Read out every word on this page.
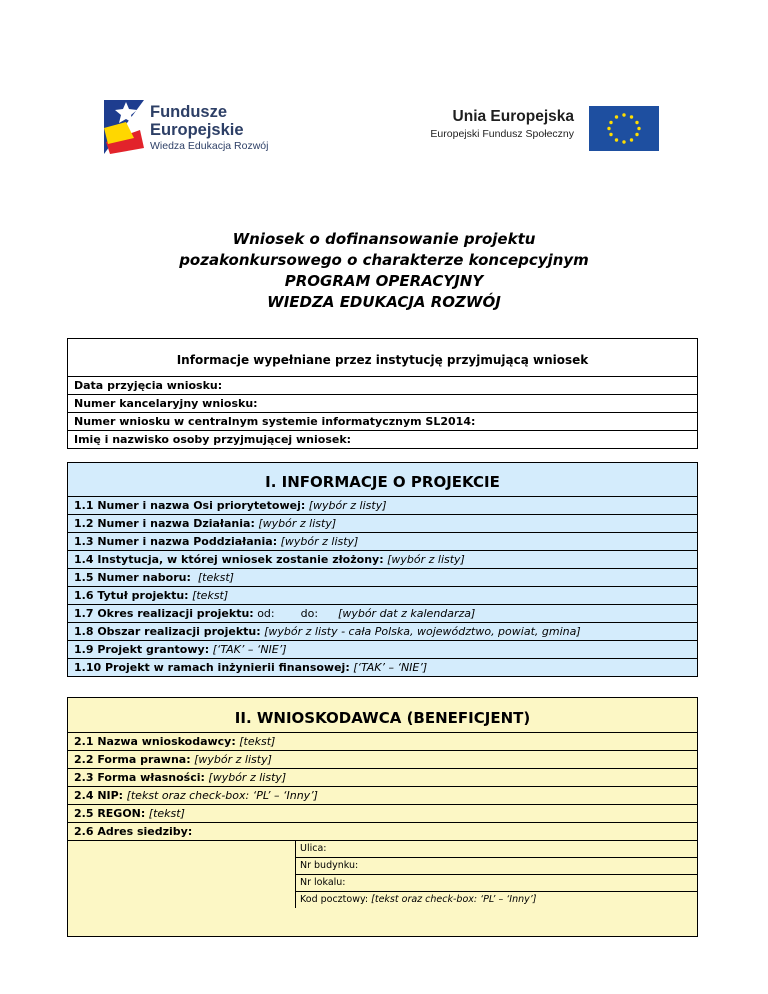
Fundusze
Europejskie
Wiedza Edukacja Rozwój
Unia Europejska
Europejski Fundusz Społeczny
Wniosek o dofinansowanie projektu
pozakonkursowego o charakterze koncepcyjnym
PROGRAM OPERACYJNY
WIEDZA EDUKACJA ROZWÓJ
Informacje wypełniane przez instytucję przyjmującą wniosek
Data przyjęcia wniosku:
Numer kancelaryjny wniosku:
Numer wniosku w centralnym systemie informatycznym SL2014:
Imię i nazwisko osoby przyjmującej wniosek:
I. INFORMACJE O PROJEKCIE
1.1 Numer i nazwa Osi priorytetowej: [wybór z listy]
1.2 Numer i nazwa Działania: [wybór z listy]
1.3 Numer i nazwa Poddziałania: [wybór z listy]
1.4 Instytucja, w której wniosek zostanie złożony: [wybór z listy]
1.5 Numer naboru: [tekst]
1.6 Tytuł projektu: [tekst]
1.7 Okres realizacji projektu: od: do: [wybór dat z kalendarza]
1.8 Obszar realizacji projektu: [wybór z listy - cała Polska, województwo, powiat, gmina]
1.9 Projekt grantowy: [‘TAK’ – ‘NIE’]
1.10 Projekt w ramach inżynierii finansowej: [‘TAK’ – ‘NIE’]
II. WNIOSKODAWCA (BENEFICJENT)
2.1 Nazwa wnioskodawcy: [tekst]
2.2 Forma prawna: [wybór z listy]
2.3 Forma własności: [wybór z listy]
2.4 NIP: [tekst oraz check-box: ‘PL’ – ‘Inny’]
2.5 REGON: [tekst]
2.6 Adres siedziby:
Ulica:
Nr budynku:
Nr lokalu:
Kod pocztowy: [tekst oraz check-box: ‘PL’ – ‘Inny’]
